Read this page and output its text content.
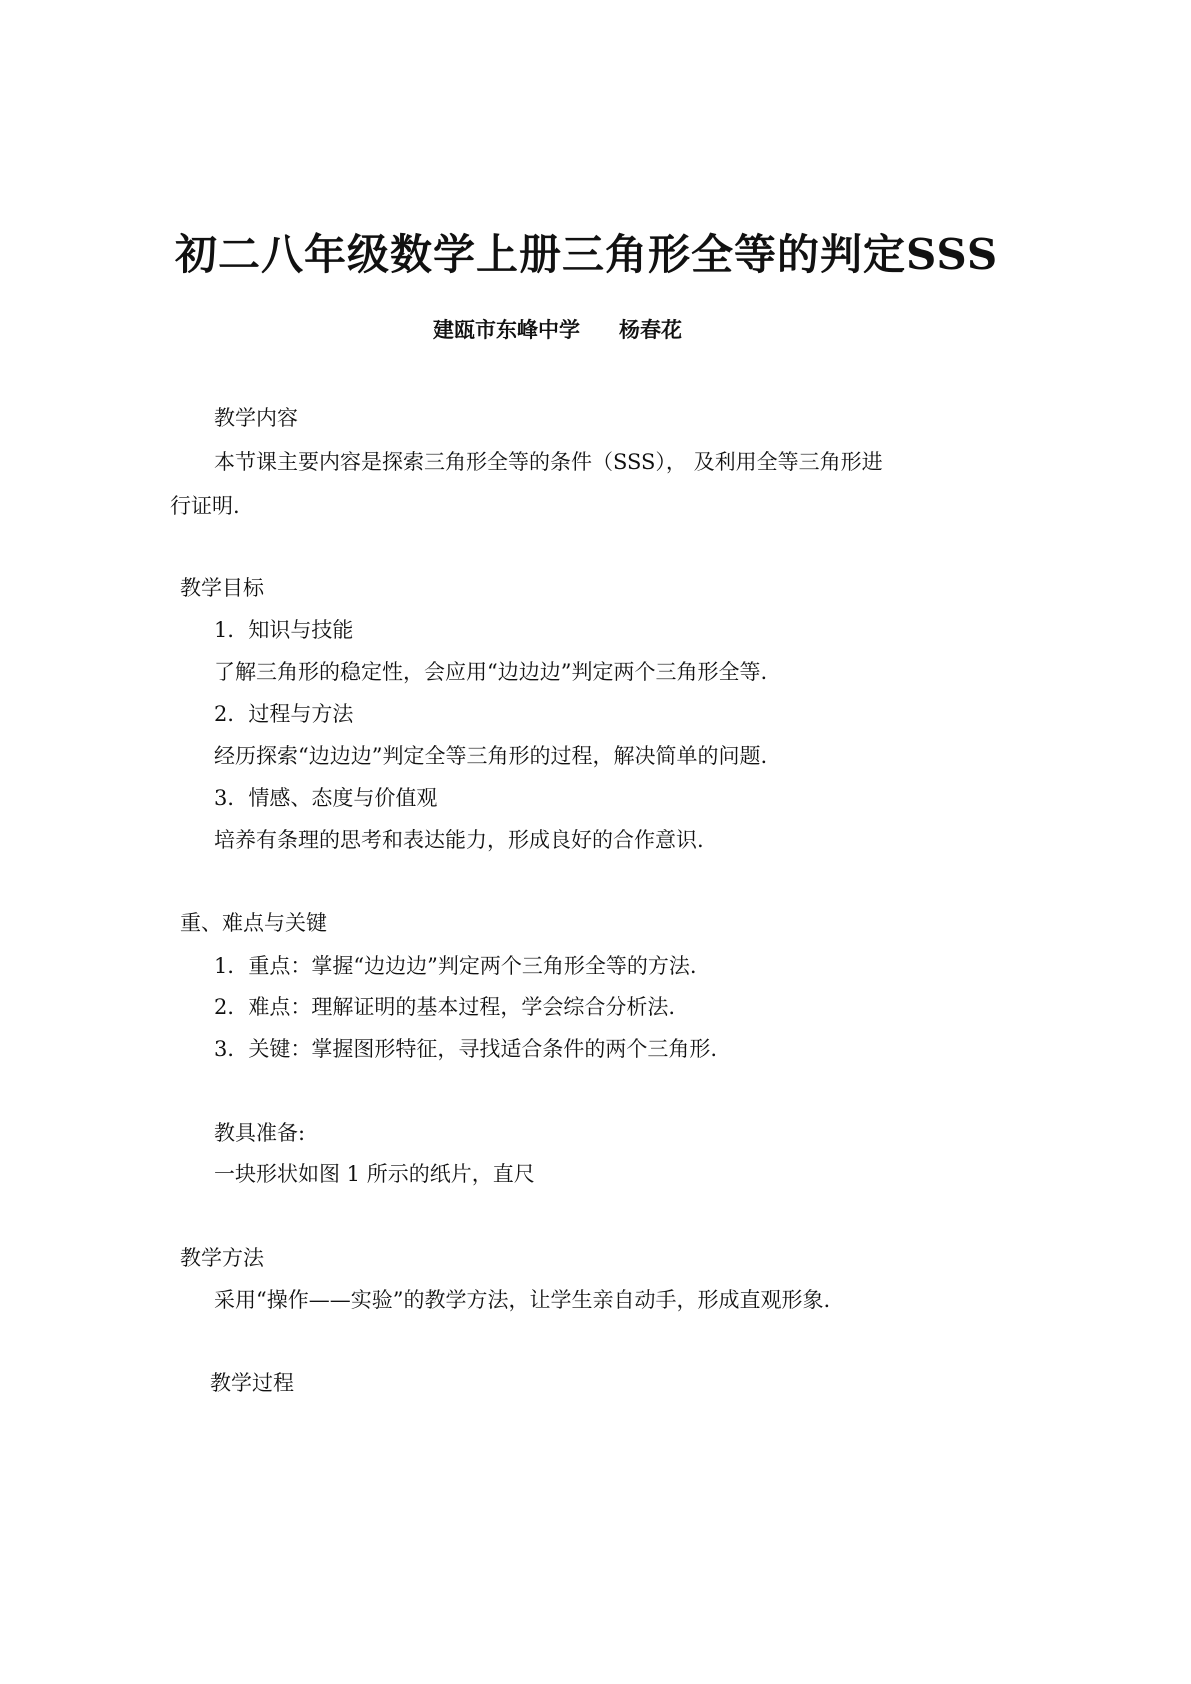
初二八年级数学上册三角形全等的判定SSS
建瓯市东峰中学 杨春花
教学内容
本节课主要内容是探索三角形全等的条件（SSS）， 及利用全等三角形进
行证明.
教学目标
1．知识与技能
了解三角形的稳定性，会应用“边边边”判定两个三角形全等.
2．过程与方法
经历探索“边边边”判定全等三角形的过程，解决简单的问题.
3．情感、态度与价值观
培养有条理的思考和表达能力，形成良好的合作意识.
重、难点与关键
1．重点：掌握“边边边”判定两个三角形全等的方法.
2．难点：理解证明的基本过程，学会综合分析法.
3．关键：掌握图形特征，寻找适合条件的两个三角形.
教具准备:
一块形状如图 1 所示的纸片，直尺
教学方法
采用“操作——实验”的教学方法，让学生亲自动手，形成直观形象.
教学过程
